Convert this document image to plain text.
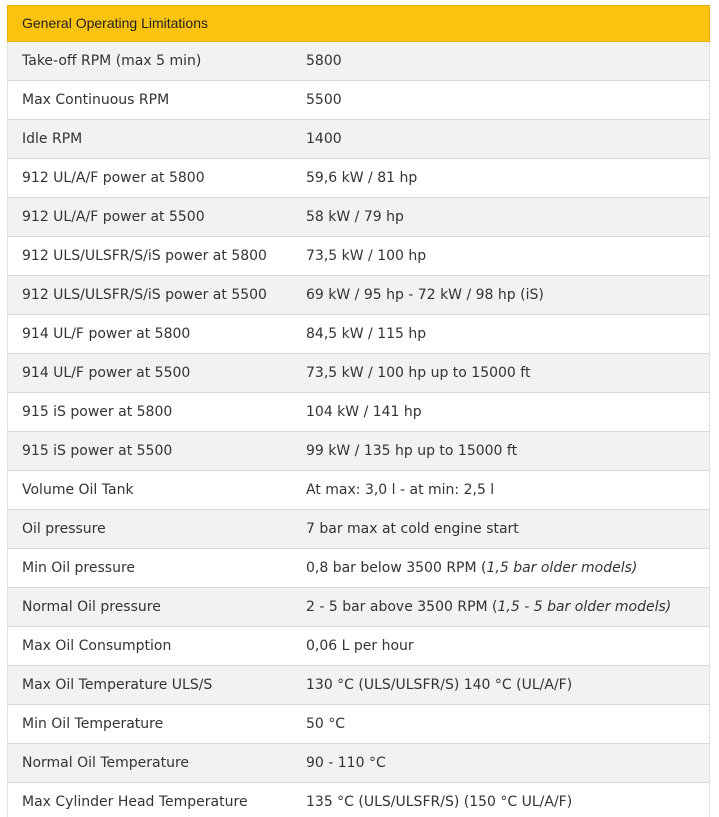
General Operating Limitations
Take-off RPM (max 5 min)	5800
Max Continuous RPM	5500
Idle RPM	1400
912 UL/A/F power at 5800	59,6 kW / 81 hp
912 UL/A/F power at 5500	58 kW / 79 hp
912 ULS/ULSFR/S/iS power at 5800	73,5 kW / 100 hp
912 ULS/ULSFR/S/iS power at 5500	69 kW / 95 hp - 72 kW / 98 hp (iS)
914 UL/F power at 5800	84,5 kW / 115 hp
914 UL/F power at 5500	73,5 kW / 100 hp up to 15000 ft
915 iS power at 5800	104 kW / 141 hp
915 iS power at 5500	99 kW / 135 hp up to 15000 ft
Volume Oil Tank	At max: 3,0 l - at min: 2,5 l
Oil pressure	7 bar max at cold engine start
Min Oil pressure	0,8 bar below 3500 RPM (1,5 bar older models)
Normal Oil pressure	2 - 5 bar above 3500 RPM (1,5 - 5 bar older models)
Max Oil Consumption	0,06 L per hour
Max Oil Temperature ULS/S	130 °C (ULS/ULSFR/S) 140 °C (UL/A/F)
Min Oil Temperature	50 °C
Normal Oil Temperature	90 - 110 °C
Max Cylinder Head Temperature	135 °C (ULS/ULSFR/S) (150 °C UL/A/F)
